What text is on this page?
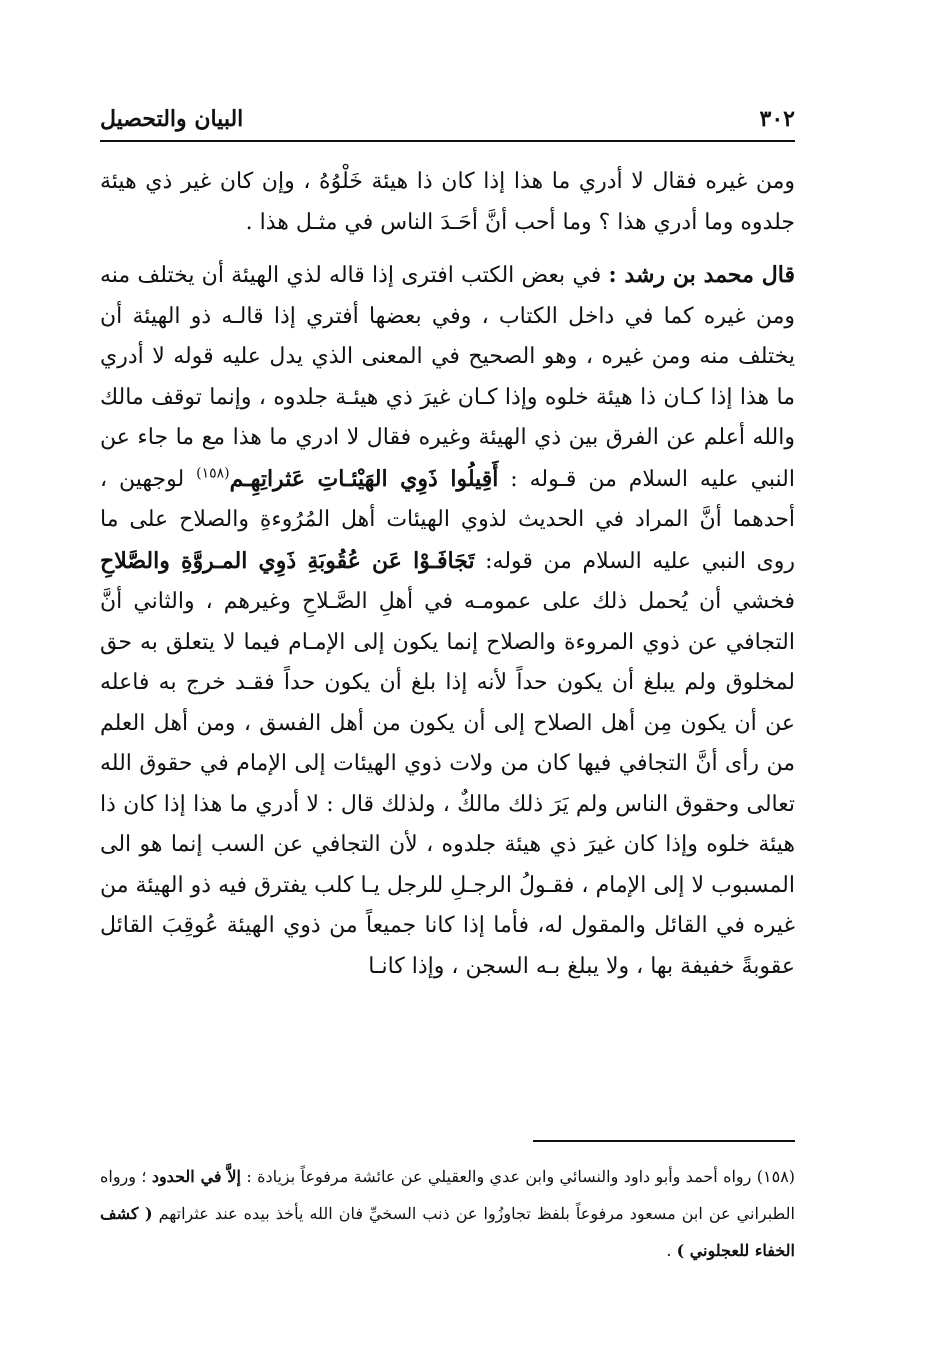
٣٠٢
البيان والتحصيل

ومن غيره فقال لا أدري ما هذا إذا كان ذا هيئة خَلْوُهُ ، وإن كان غير ذي هيئة جلدوه وما أدري هذا ؟ وما أحب أنَّ أحَـدَ الناس في مثـل هذا .

قال محمد بن رشد : في بعض الكتب افترى إذا قاله لذي الهيئة أن يختلف منه ومن غيره كما في داخل الكتاب ، وفي بعضها أفتري إذا قالـه ذو الهيئة أن يختلف منه ومن غيره ، وهو الصحيح في المعنى الذي يدل عليه قوله لا أدري ما هذا إذا كـان ذا هيئة خلوه وإذا كـان غيرَ ذي هيئـة جلدوه ، وإنما توقف مالك والله أعلم عن الفرق بين ذي الهيئة وغيره فقال لا ادري ما هذا مع ما جاء عن النبي عليه السلام من قـوله : أَقِيلُوا ذَوِي الهَيْئـاتِ عَثراتِهِـم$^{(١٥٨)}$ لوجهين ، أحدهما أنَّ المراد في الحديث لذوي الهيئات أهل المُرُوءةِ والصلاح على ما روى النبي عليه السلام من قوله: تَجَافَـوْا عَن عُقُوبَةِ ذَوِي المـروَّةِ والصَّلاحِ فخشي أن يُحمل ذلك على عمومـه في أهلِ الصَّـلاحِ وغيرهم ، والثاني أنَّ التجافي عن ذوي المروءة والصلاح إنما يكون إلى الإمـام فيما لا يتعلق به حق لمخلوق ولم يبلغ أن يكون حداً لأنه إذا بلغ أن يكون حداً فقـد خرج به فاعله عن أن يكون مِن أهل الصلاح إلى أن يكون من أهل الفسق ، ومن أهل العلم من رأى أنَّ التجافي فيها كان من ولات ذوي الهيئات إلى الإمام في حقوق الله تعالى وحقوق الناس ولم يَرَ ذلك مالكٌ ، ولذلك قال : لا أدري ما هذا إذا كان ذا هيئة خلوه وإذا كان غيرَ ذي هيئة جلدوه ، لأن التجافي عن السب إنما هو الى المسبوب لا إلى الإمام ، فقـولُ الرجـلِ للرجل يـا كلب يفترق فيه ذو الهيئة من غيره في القائل والمقول له، فأما إذا كانا جميعاً من ذوي الهيئة عُوقِبَ القائل عقوبةً خفيفة بها ، ولا يبلغ بـه السجن ، وإذا كانـا

(١٥٨) رواه أحمد وأبو داود والنسائي وابن عدي والعقيلي عن عائشة مرفوعاً بزيادة : إلاَّ في الحدود ؛ ورواه الطبراني عن ابن مسعود مرفوعاً بلفظ تجاوزُوا عن ذنب السخيِّ فان الله يأخذ بيده عند عثراتهم ( كشف الخفاء للعجلوني ) .
